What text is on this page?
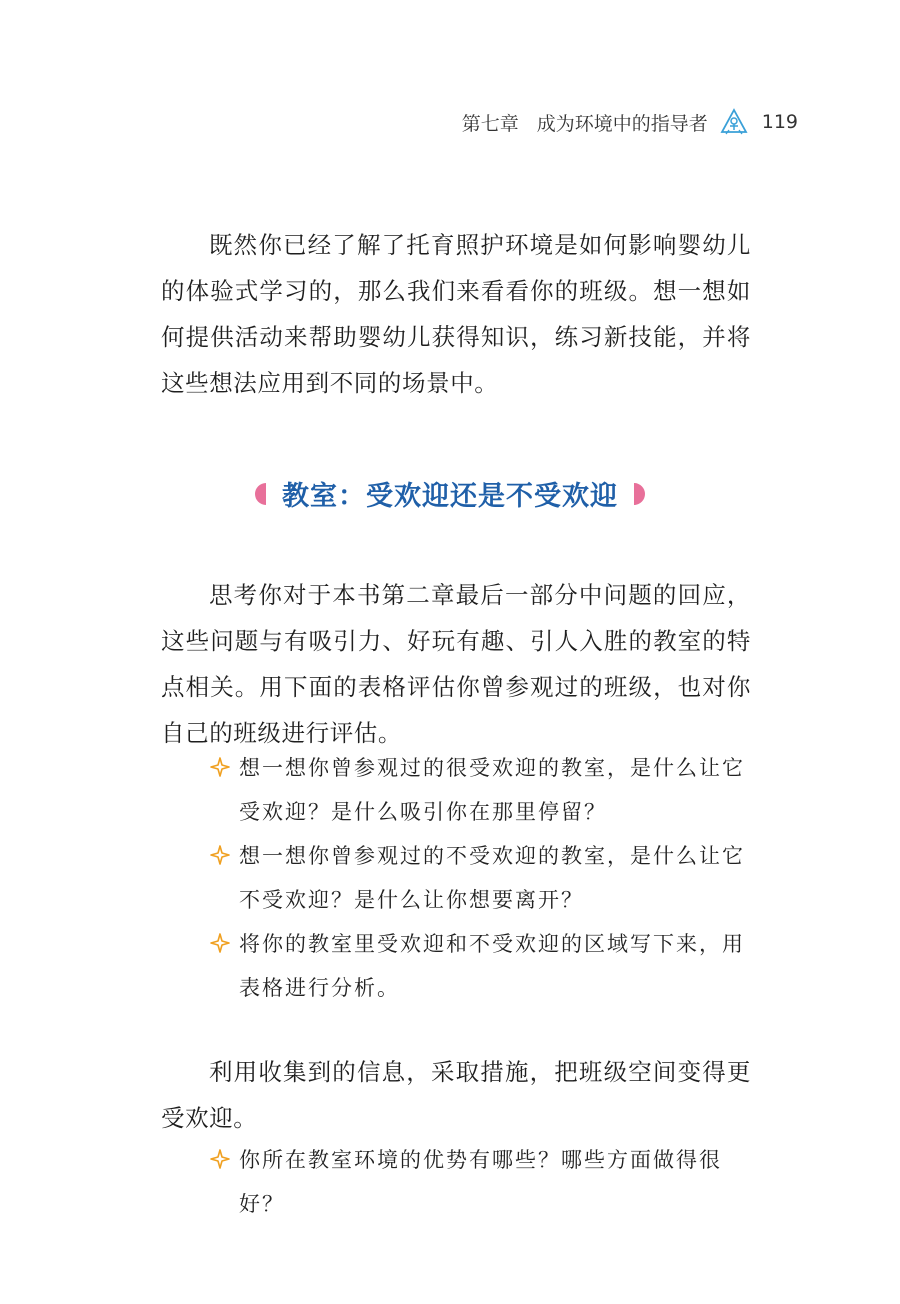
第七章 成为环境中的指导者	119

既然你已经了解了托育照护环境是如何影响婴幼儿的体验式学习的，那么我们来看看你的班级。想一想如何提供活动来帮助婴幼儿获得知识，练习新技能，并将这些想法应用到不同的场景中。

教室：受欢迎还是不受欢迎

思考你对于本书第二章最后一部分中问题的回应，这些问题与有吸引力、好玩有趣、引人入胜的教室的特点相关。用下面的表格评估你曾参观过的班级，也对你自己的班级进行评估。

想一想你曾参观过的很受欢迎的教室，是什么让它受欢迎？是什么吸引你在那里停留？
想一想你曾参观过的不受欢迎的教室，是什么让它不受欢迎？是什么让你想要离开？
将你的教室里受欢迎和不受欢迎的区域写下来，用表格进行分析。

利用收集到的信息，采取措施，把班级空间变得更受欢迎。

你所在教室环境的优势有哪些？哪些方面做得很好？
